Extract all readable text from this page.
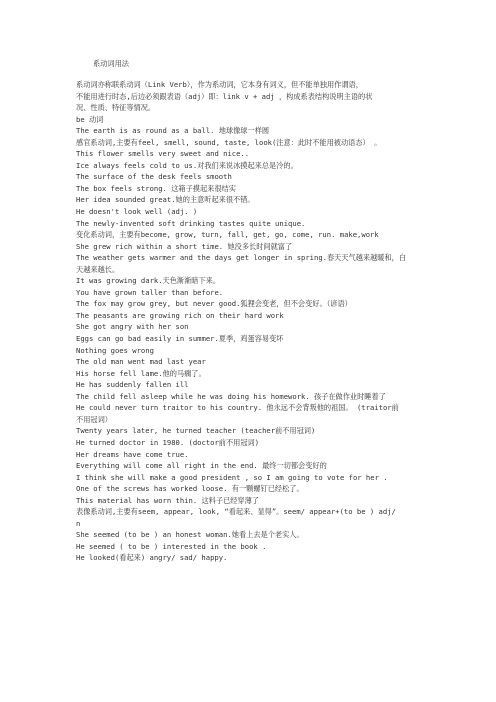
系动词用法
系动词亦称联系动词（Link Verb），作为系动词，它本身有词义，但不能单独用作谓语，
不能用进行时态,后边必须跟表语（adj）即：link v + adj ，构成系表结构说明主语的状
况、性质、特征等情况。
be 动词
The earth is as round as a ball. 地球像球一样圆
感官系动词,主要有feel, smell, sound, taste, look(注意：此时不能用被动语态） 。
This flower smells very sweet and nice..
Ice always feels cold to us.对我们来说冰摸起来总是冷的。
The surface of the desk feels smooth
The box feels strong. 这箱子摸起来很结实
Her idea sounded great.她的主意听起来很不错。
He doesn't look well (adj. )
The newly-invented soft drinking tastes quite unique.
变化系动词，主要有become, grow, turn, fall, get, go, come, run. make,work
She grew rich within a short time. 她没多长时间就富了
The weather gets warmer and the days get longer in spring.春天天气越来越暖和，白
天越来越长。
It was growing dark.天色渐渐暗下来。
You have grown taller than before.
The fox may grow grey, but never good.狐狸会变老，但不会变好。（谚语）
The peasants are growing rich on their hard work
She got angry with her son
Eggs can go bad easily in summer.夏季，鸡蛋容易变坏
Nothing goes wrong
The old man went mad last year
His horse fell lame.他的马瘸了。
He has suddenly fallen ill
The child fell asleep while he was doing his homework. 孩子在做作业时睡着了
He could never turn traitor to his country. 他永远不会背叛他的祖国。 (traitor前
不用冠词）
Twenty years later, he turned teacher (teacher前不用冠词)
He turned doctor in 1980. (doctor前不用冠词)
Her dreams have come true.
Everything will come all right in the end. 最终一切都会变好的
I think she will make a good president , so I am going to vote for her .
One of the screws has worked loose. 有一颗螺钉已经松了。
This material has worn thin. 这料子已经穿薄了
表像系动词,主要有seem, appear, look, “看起来、显得”。seem/ appear+(to be ) adj/
n
She seemed (to be ) an honest woman.她看上去是个老实人。
He seemed ( to be ) interested in the book .
He looked(看起来) angry/ sad/ happy.
